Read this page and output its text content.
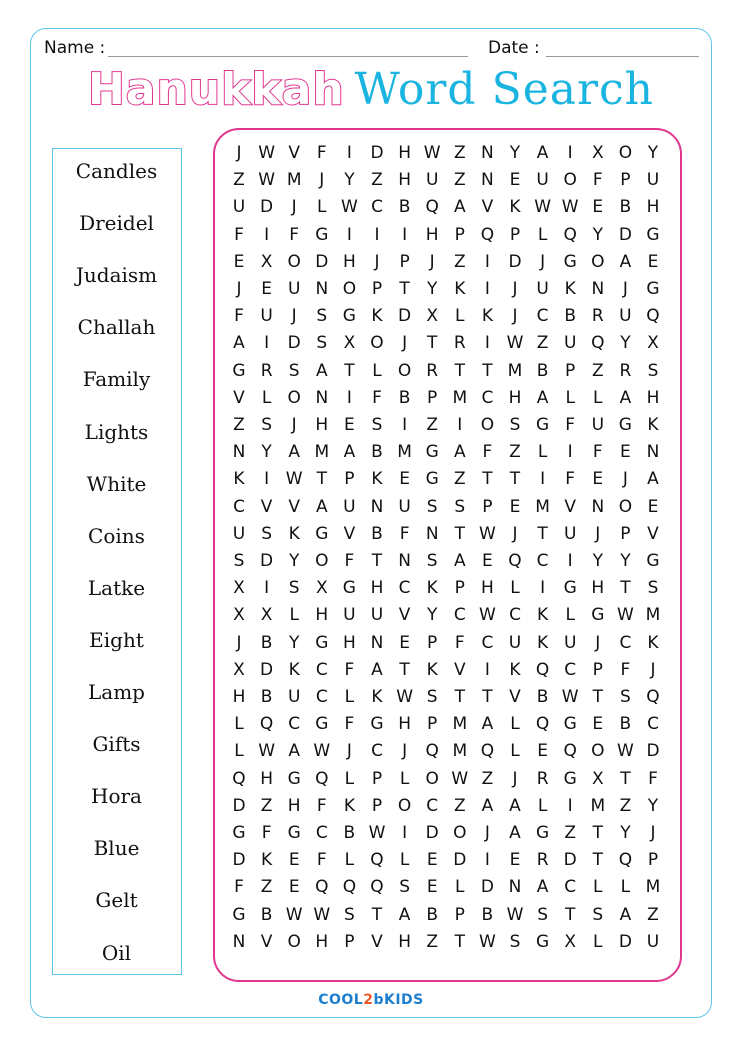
Name :	Date :
Hanukkah Word Search
Candles
Dreidel
Judaism
Challah
Family
Lights
White
Coins
Latke
Eight
Lamp
Gifts
Hora
Blue
Gelt
Oil
J W V F	I	D H W Z N Y A	I	X O Y
Z W M	J	Y Z H U Z N E U O F	P U
U D	J	L W C B Q A V K W W E B H
F	I	F G	I	I	I	H P Q P	L Q Y D G
E X O D H	J	P	J	Z	I	D	J	G O A E
J	E U N O P	T	Y K	I	J	U K N	J	G
F U	J	S G K D X	L	K	J	C B R U Q
A	I	D S X O	J	T R	I W Z U Q Y X
G R S A T	L O R T	T M B P Z R S
V	L O N	I	F B P M C H A	L	L	A H
Z S	J	H E S	I	Z	I	O S G F U G K
N Y A M A B M G A F Z	L	I	F	E N
K	I W T	P K E G Z T	T	I	F	E	J	A
C V V A U N U S S	P	E M V N O E
U S K G V B F N T W J	T U	J	P V
S D Y O F	T N S A E Q C	I	Y	Y G
X	I	S X G H C K P H L	I	G H T	S
X X	L H U U V Y C W C K	L G W M
J	B Y G H N E	P	F C U K U	J	C K
X D K C F A T K V	I	K Q C P	F	J
H B U C L	K W S	T	T V B W T	S Q
L Q C G F G H P M A	L Q G E B C
L W A W J	C	J	Q M Q L	E Q O W D
Q H G Q L	P	L O W Z	J	R G X T	F
D Z H F	K P O C Z A A	L	I	M Z Y
G F G C B W I	D O	J	A G Z T	Y	J
D K E	F	L Q L	E D	I	E R D T Q P
F Z E Q Q Q S E	L D N A C L	L M
G B W W S	T A B P B W S	T	S A Z
N V O H P V H Z T W S G X	L D U
COOL2bKIDS
